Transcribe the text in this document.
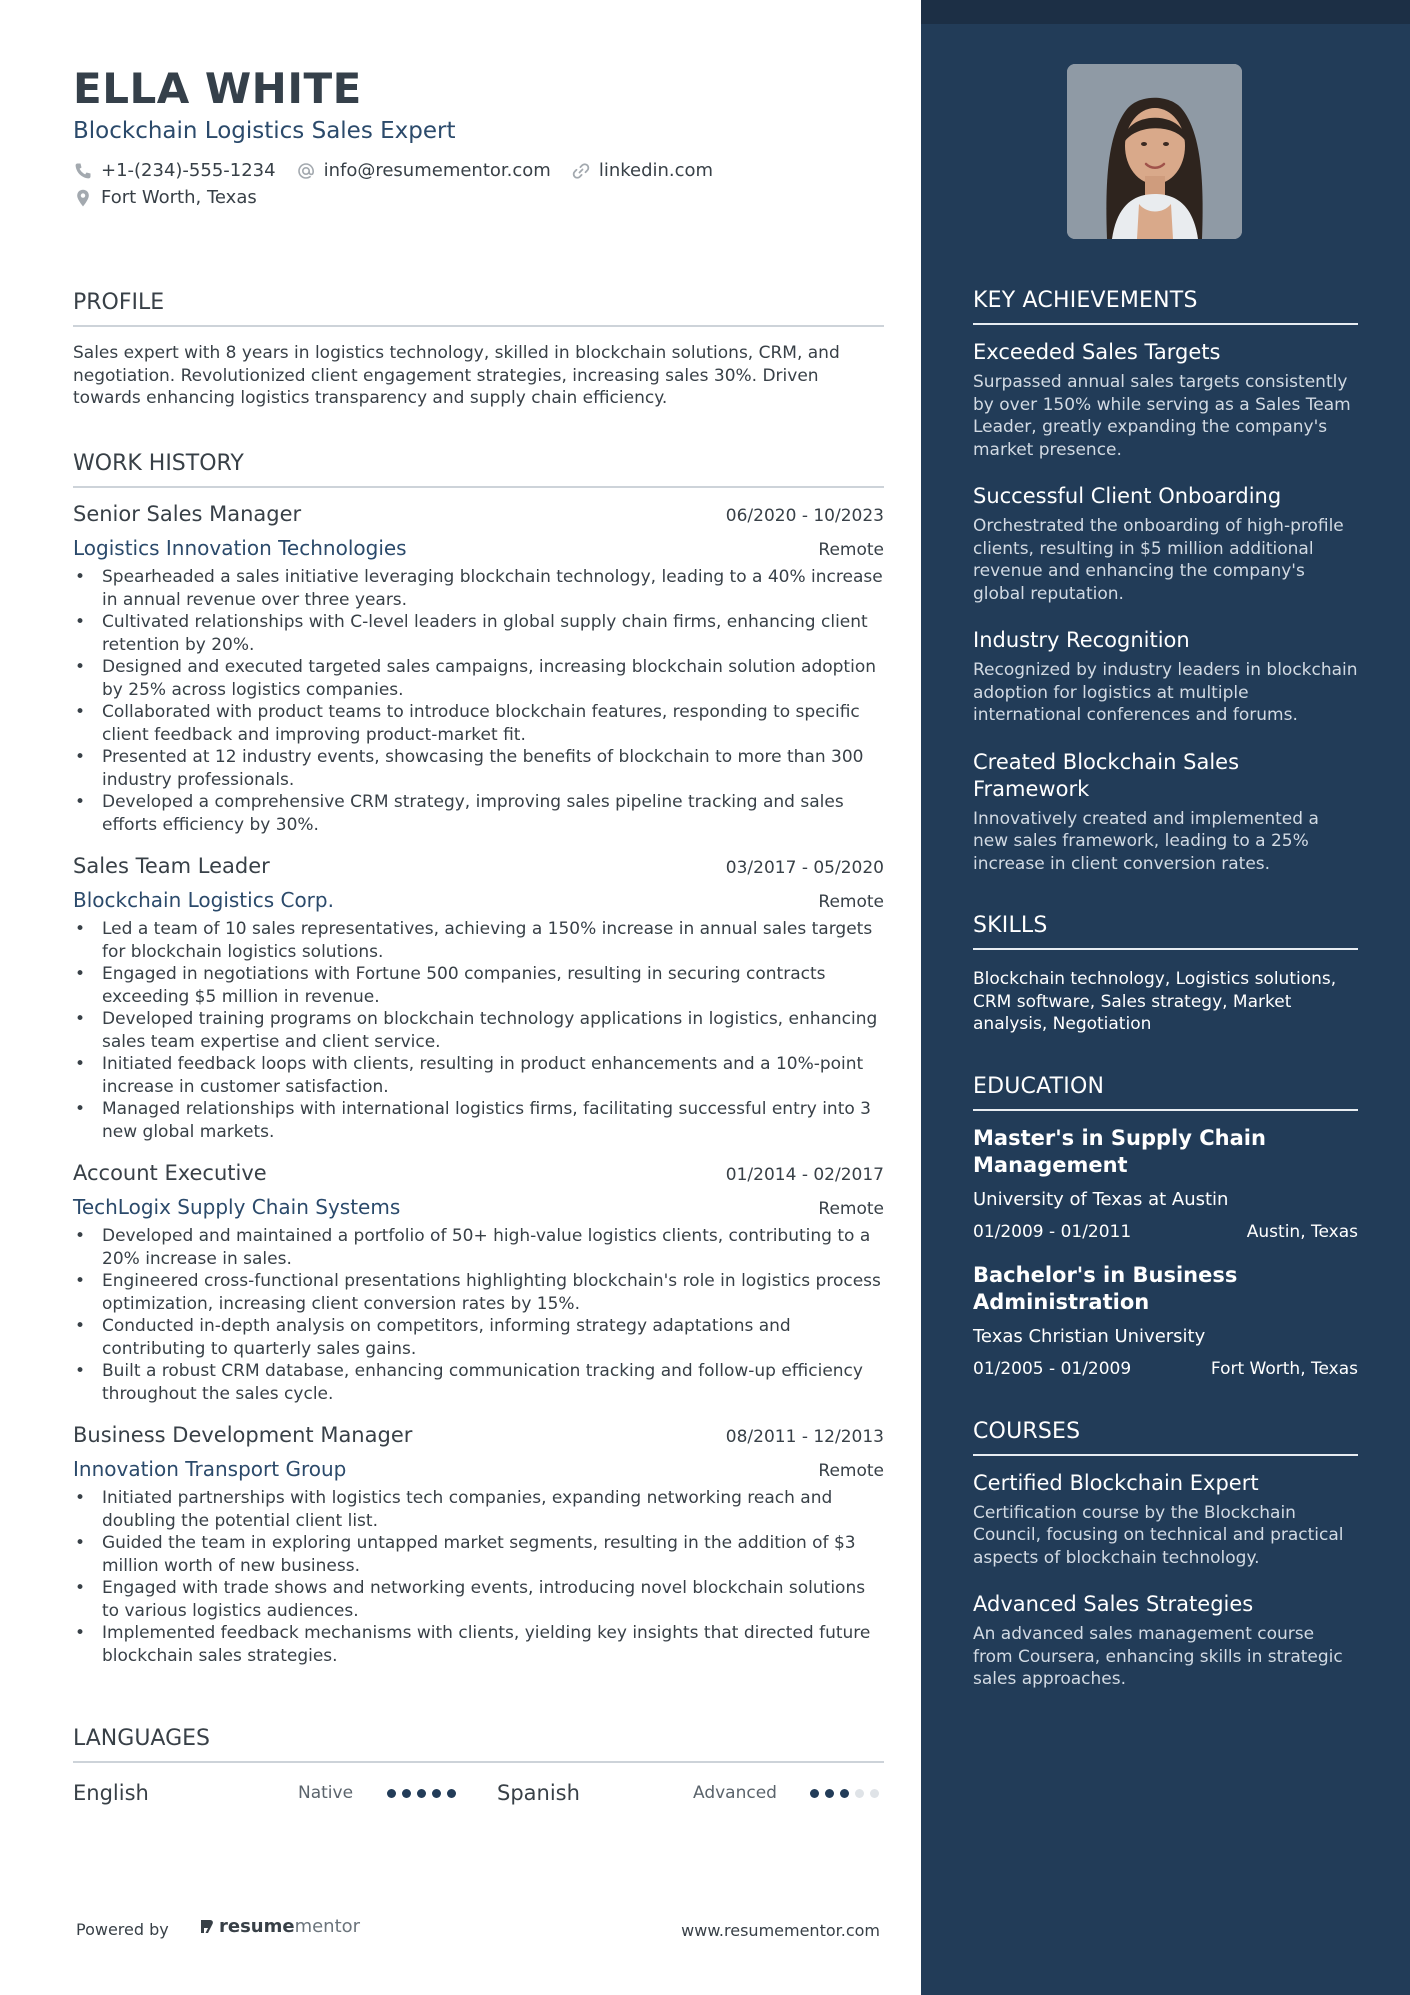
ELLA WHITE
Blockchain Logistics Sales Expert
+1-(234)-555-1234	info@resumementor.com	linkedin.com
Fort Worth, Texas
PROFILE
Sales expert with 8 years in logistics technology, skilled in blockchain solutions, CRM, and negotiation. Revolutionized client engagement strategies, increasing sales 30%. Driven towards enhancing logistics transparency and supply chain efficiency.
WORK HISTORY
Senior Sales Manager	06/2020 - 10/2023
Logistics Innovation Technologies	Remote
• Spearheaded a sales initiative leveraging blockchain technology, leading to a 40% increase in annual revenue over three years.
• Cultivated relationships with C-level leaders in global supply chain firms, enhancing client retention by 20%.
• Designed and executed targeted sales campaigns, increasing blockchain solution adoption by 25% across logistics companies.
• Collaborated with product teams to introduce blockchain features, responding to specific client feedback and improving product-market fit.
• Presented at 12 industry events, showcasing the benefits of blockchain to more than 300 industry professionals.
• Developed a comprehensive CRM strategy, improving sales pipeline tracking and sales efforts efficiency by 30%.
Sales Team Leader	03/2017 - 05/2020
Blockchain Logistics Corp.	Remote
• Led a team of 10 sales representatives, achieving a 150% increase in annual sales targets for blockchain logistics solutions.
• Engaged in negotiations with Fortune 500 companies, resulting in securing contracts exceeding $5 million in revenue.
• Developed training programs on blockchain technology applications in logistics, enhancing sales team expertise and client service.
• Initiated feedback loops with clients, resulting in product enhancements and a 10%-point increase in customer satisfaction.
• Managed relationships with international logistics firms, facilitating successful entry into 3 new global markets.
Account Executive	01/2014 - 02/2017
TechLogix Supply Chain Systems	Remote
• Developed and maintained a portfolio of 50+ high-value logistics clients, contributing to a 20% increase in sales.
• Engineered cross-functional presentations highlighting blockchain's role in logistics process optimization, increasing client conversion rates by 15%.
• Conducted in-depth analysis on competitors, informing strategy adaptations and contributing to quarterly sales gains.
• Built a robust CRM database, enhancing communication tracking and follow-up efficiency throughout the sales cycle.
Business Development Manager	08/2011 - 12/2013
Innovation Transport Group	Remote
• Initiated partnerships with logistics tech companies, expanding networking reach and doubling the potential client list.
• Guided the team in exploring untapped market segments, resulting in the addition of $3 million worth of new business.
• Engaged with trade shows and networking events, introducing novel blockchain solutions to various logistics audiences.
• Implemented feedback mechanisms with clients, yielding key insights that directed future blockchain sales strategies.
LANGUAGES
English	Native	Spanish	Advanced
Powered by	resume mentor	www.resumementor.com
KEY ACHIEVEMENTS
Exceeded Sales Targets
Surpassed annual sales targets consistently by over 150% while serving as a Sales Team Leader, greatly expanding the company's market presence.
Successful Client Onboarding
Orchestrated the onboarding of high-profile clients, resulting in $5 million additional revenue and enhancing the company's global reputation.
Industry Recognition
Recognized by industry leaders in blockchain adoption for logistics at multiple international conferences and forums.
Created Blockchain Sales Framework
Innovatively created and implemented a new sales framework, leading to a 25% increase in client conversion rates.
SKILLS
Blockchain technology, Logistics solutions, CRM software, Sales strategy, Market analysis, Negotiation
EDUCATION
Master's in Supply Chain Management
University of Texas at Austin
01/2009 - 01/2011	Austin, Texas
Bachelor's in Business Administration
Texas Christian University
01/2005 - 01/2009	Fort Worth, Texas
COURSES
Certified Blockchain Expert
Certification course by the Blockchain Council, focusing on technical and practical aspects of blockchain technology.
Advanced Sales Strategies
An advanced sales management course from Coursera, enhancing skills in strategic sales approaches.
